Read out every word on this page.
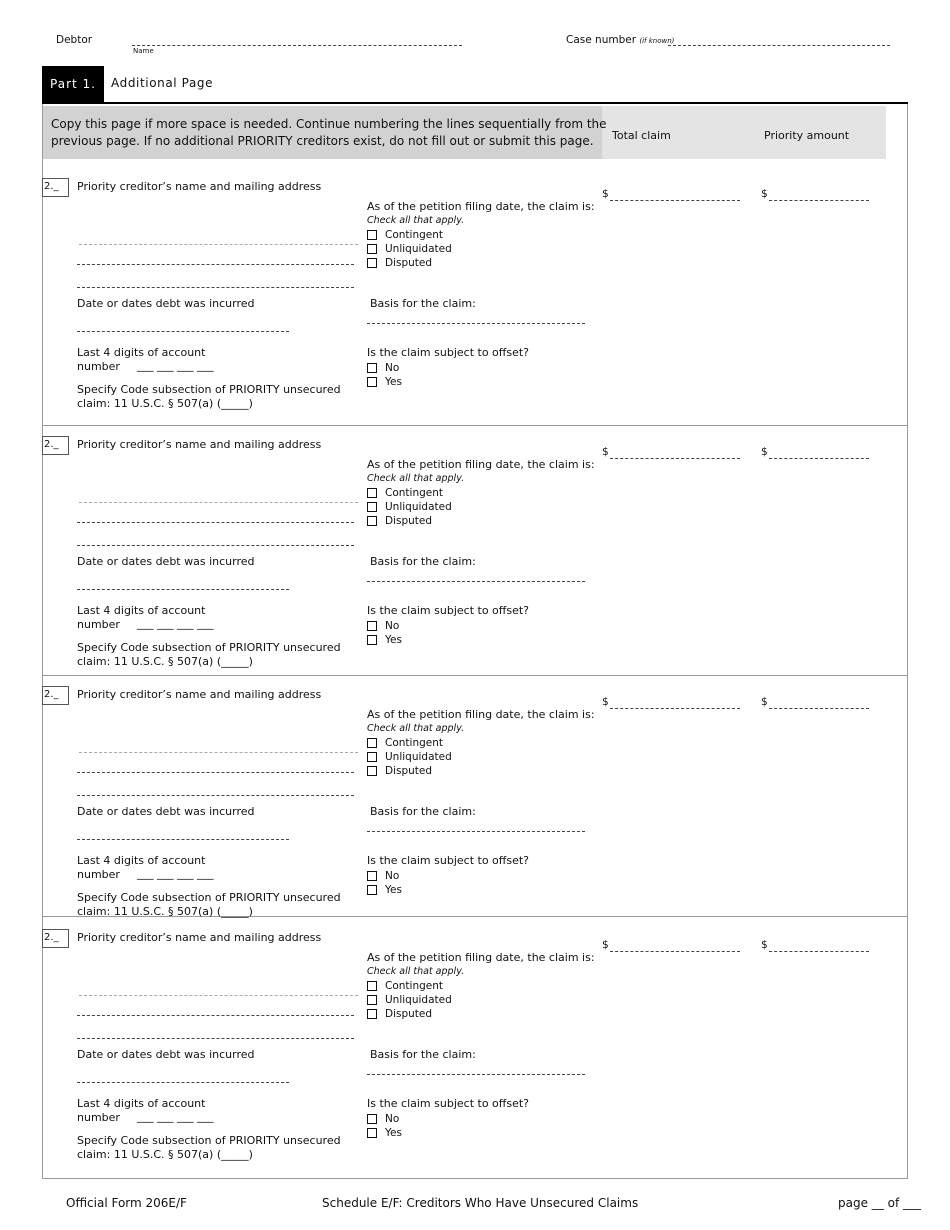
Debtor
Name
Case number (if known)
Part 1.	Additional Page
Copy this page if more space is needed. Continue numbering the lines sequentially from the
previous page. If no additional PRIORITY creditors exist, do not fill out or submit this page. Total claim	Priority amount
2._	Priority creditor’s name and mailing address
Date or dates debt was incurred
Last 4 digits of account
number ___ ___ ___ ___
Specify Code subsection of PRIORITY unsecured
claim: 11 U.S.C. § 507(a) (_____)
As of the petition filing date, the claim is:
Check all that apply.
Contingent
Unliquidated
Disputed
Basis for the claim:
Is the claim subject to offset?
No
Yes
$	$
2._	Priority creditor’s name and mailing address
Date or dates debt was incurred
Last 4 digits of account
number ___ ___ ___ ___
Specify Code subsection of PRIORITY unsecured
claim: 11 U.S.C. § 507(a) (_____)
As of the petition filing date, the claim is:
Check all that apply.
Contingent
Unliquidated
Disputed
Basis for the claim:
Is the claim subject to offset?
No
Yes
$	$
2._	Priority creditor’s name and mailing address
Date or dates debt was incurred
Last 4 digits of account
number ___ ___ ___ ___
Specify Code subsection of PRIORITY unsecured
claim: 11 U.S.C. § 507(a) (_____)
As of the petition filing date, the claim is:
Check all that apply.
Contingent
Unliquidated
Disputed
Basis for the claim:
Is the claim subject to offset?
No
Yes
$	$
2._	Priority creditor’s name and mailing address
Date or dates debt was incurred
Last 4 digits of account
number ___ ___ ___ ___
Specify Code subsection of PRIORITY unsecured
claim: 11 U.S.C. § 507(a) (_____)
As of the petition filing date, the claim is:
Check all that apply.
Contingent
Unliquidated
Disputed
Basis for the claim:
Is the claim subject to offset?
No
Yes
$	$
Official Form 206E/F	Schedule E/F: Creditors Who Have Unsecured Claims	page __ of ___
